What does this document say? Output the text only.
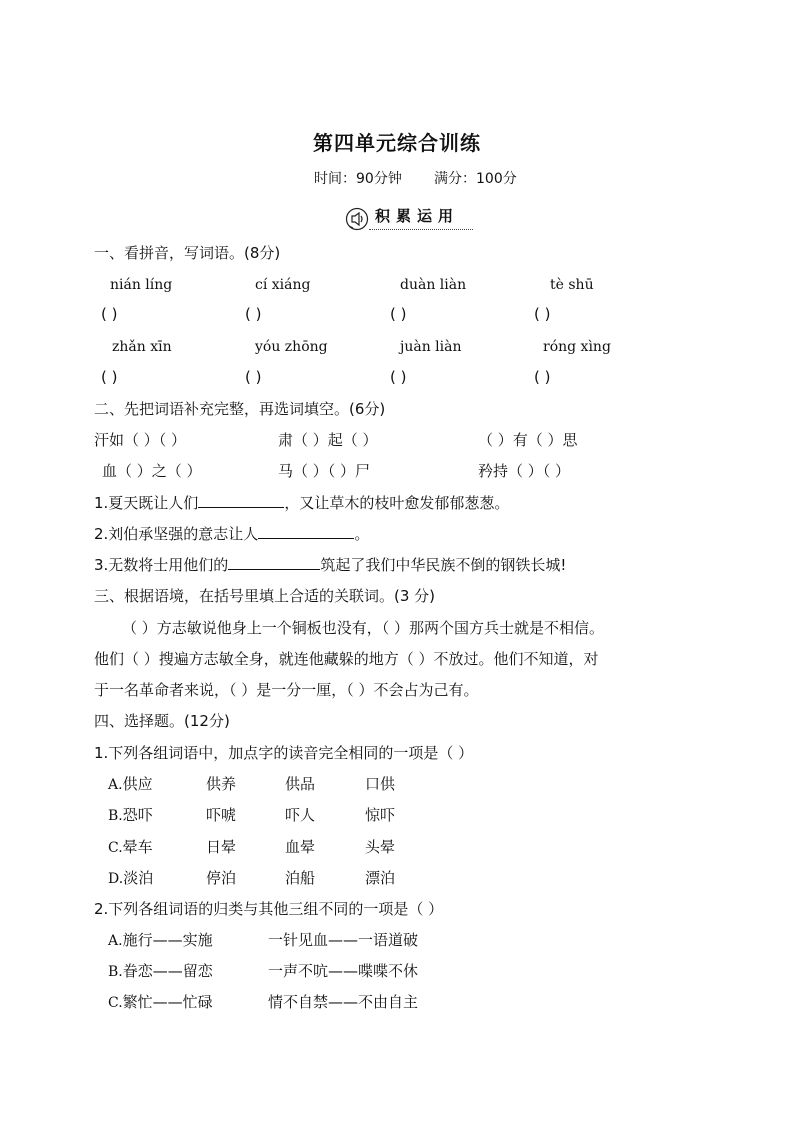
第四单元综合训练
时间：90分钟 满分：100分
积累运用
一、看拼音，写词语。(8分)
nián líng	cí xiáng	duàn liàn	tè shū
( )	( )	( )	( )
zhǎn xīn	yóu zhōng	juàn liàn	róng xìng
( )	( )	( )	( )
二、先把词语补充完整，再选词填空。(6分)
汗如（ ）（ ）	肃（ ）起（ ）	（ ）有（ ）思
血（ ）之（ ）	马（ ）（ ）尸	矜持（ ）（ ）
1.夏天既让人们	，又让草木的枝叶愈发郁郁葱葱。
2.刘伯承坚强的意志让人	。
3.无数将士用他们的	筑起了我们中华民族不倒的钢铁长城!
三、根据语境，在括号里填上合适的关联词。(3 分)
（ ）方志敏说他身上一个铜板也没有，（ ）那两个国方兵士就是不相信。
他们（ ）搜遍方志敏全身，就连他藏躲的地方（ ）不放过。他们不知道，对
于一名革命者来说，（ ）是一分一厘，（ ）不会占为己有。
四、选择题。(12分)
1.下列各组词语中，加点字的读音完全相同的一项是（ ）
A.供应	供养	供品	口供
B.恐吓	吓唬	吓人	惊吓
C.晕车	日晕	血晕	头晕
D.淡泊	停泊	泊船	漂泊
2.下列各组词语的归类与其他三组不同的一项是（ ）
A.施行——实施	一针见血——一语道破
B.眷恋——留恋	一声不吭——喋喋不休
C.繁忙——忙碌	情不自禁——不由自主
